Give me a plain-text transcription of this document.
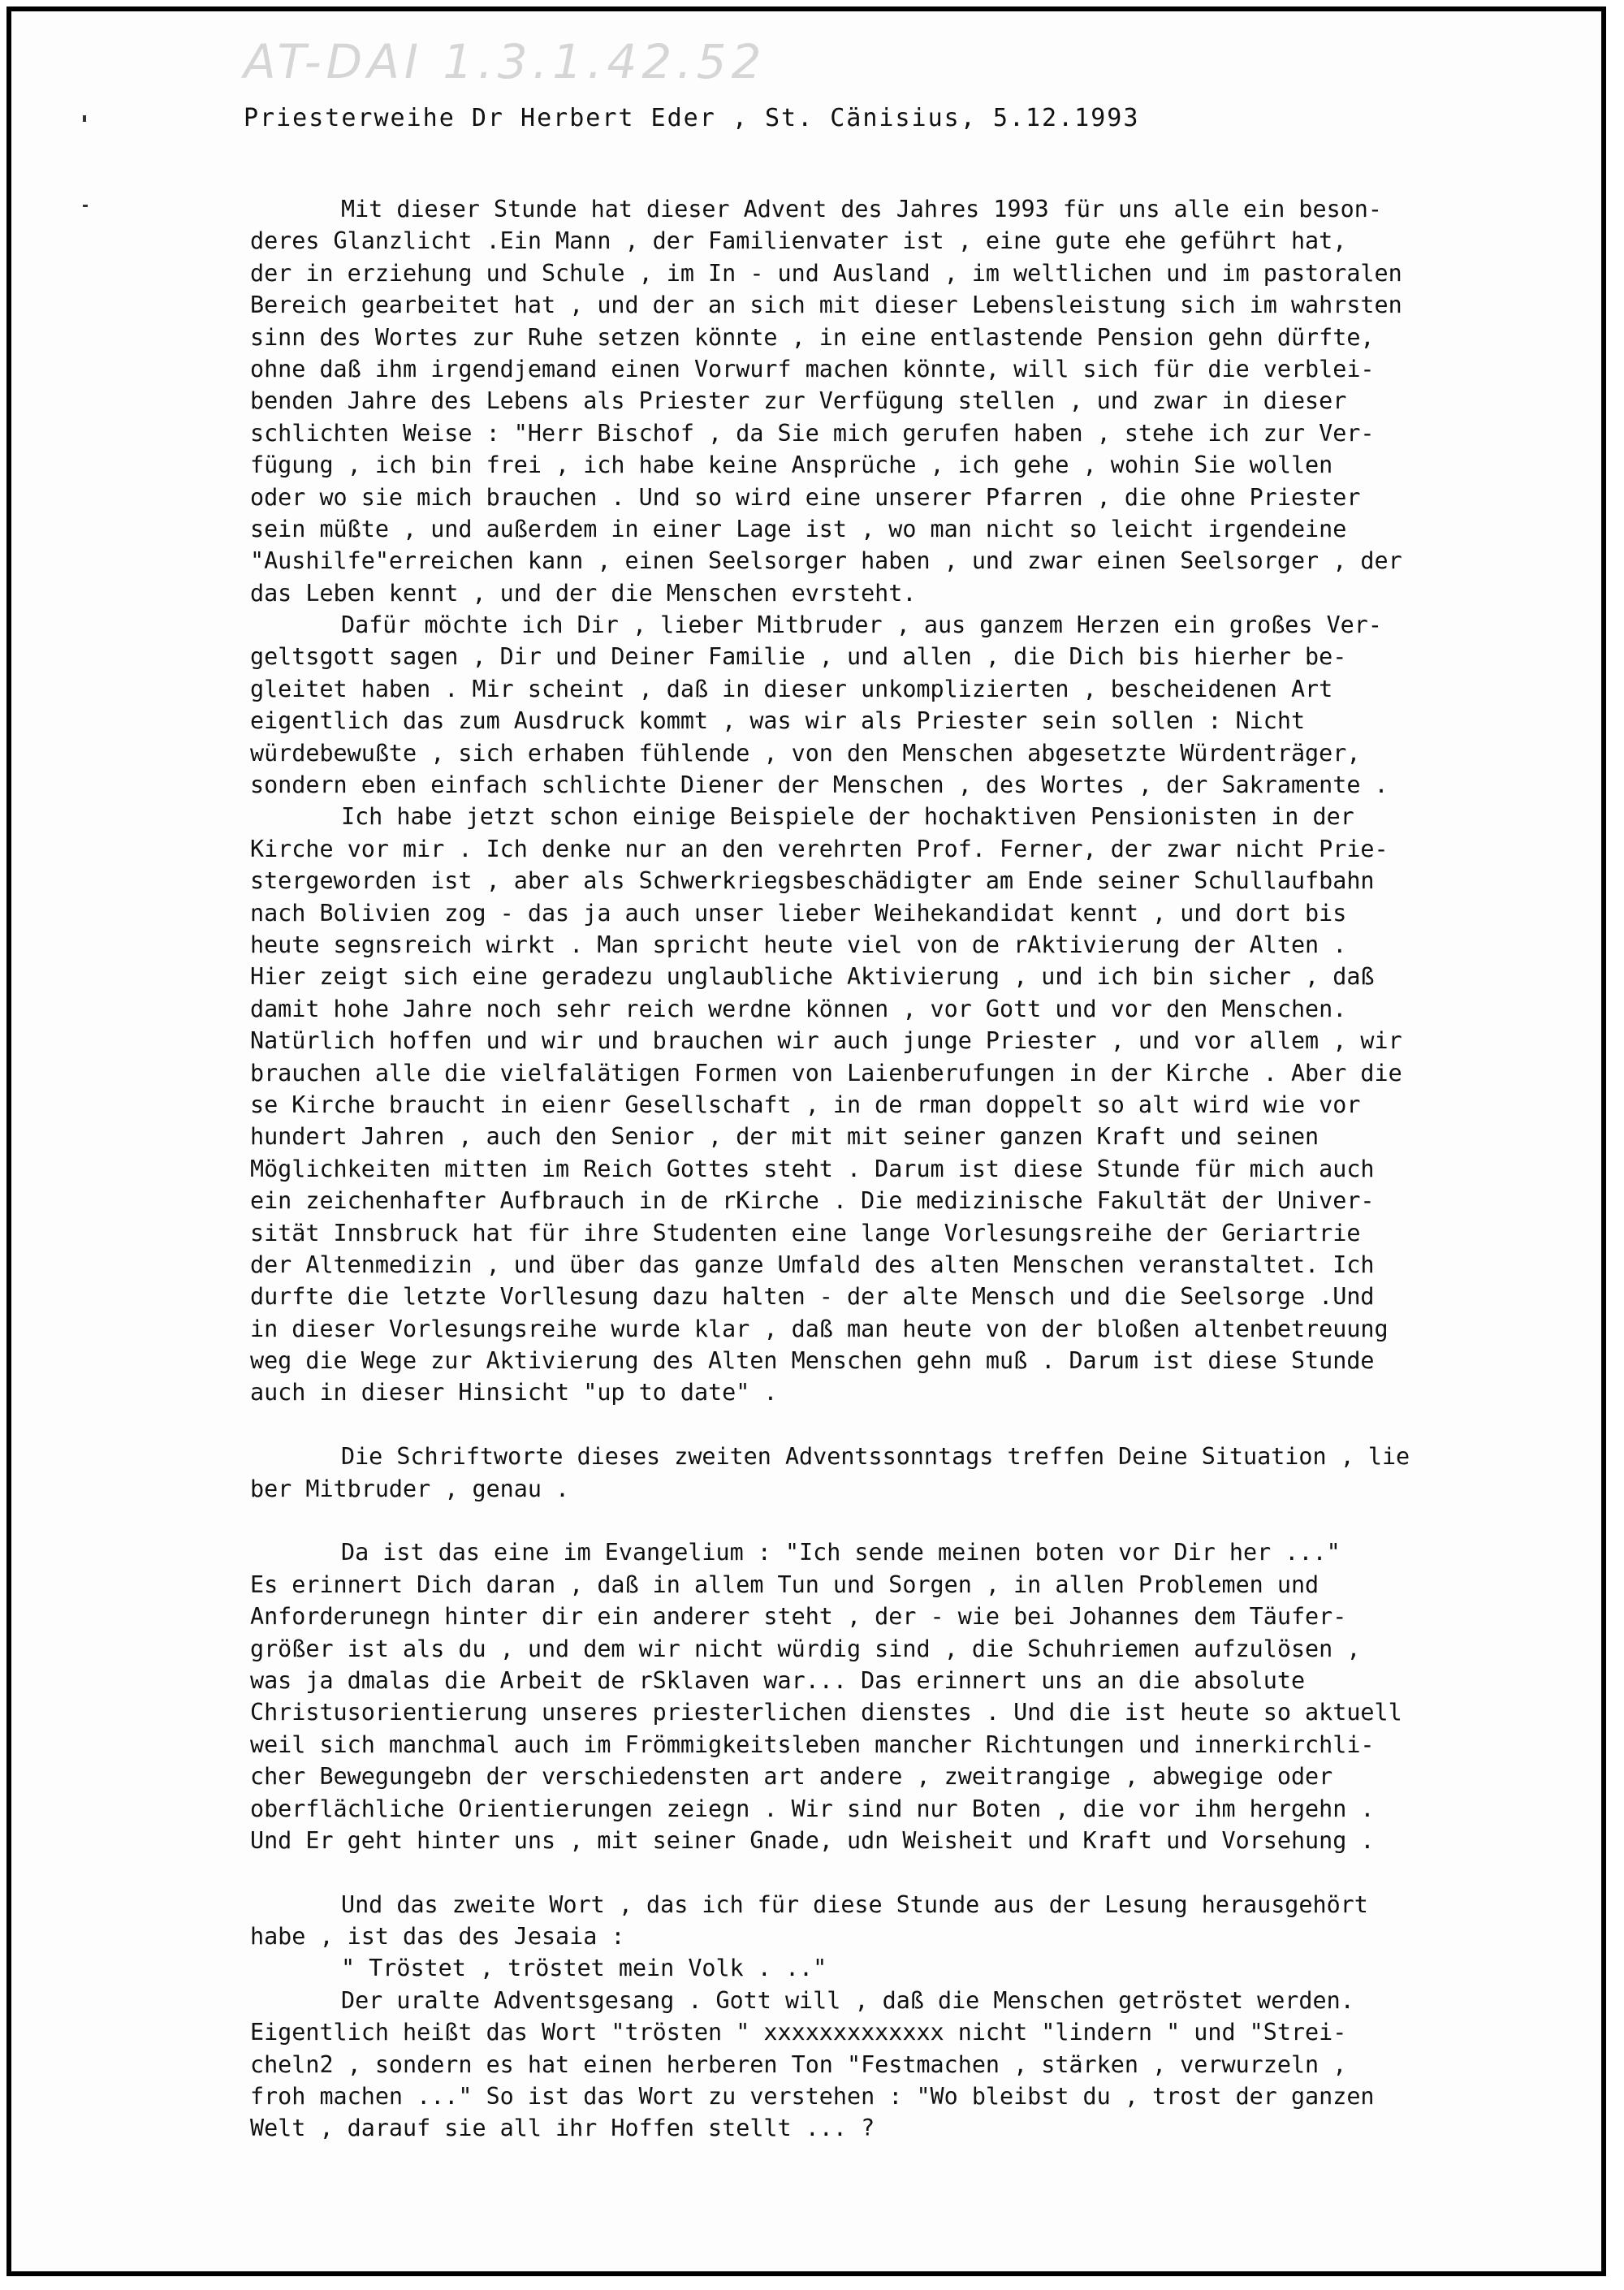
AT-DAI 1.3.1.42.52
Priesterweihe Dr Herbert Eder , St. Cänisius, 5.12.1993
Mit dieser Stunde hat dieser Advent des Jahres 1993 für uns alle ein beson-
deres Glanzlicht .Ein Mann , der Familienvater ist , eine gute ehe geführt hat,
der in erziehung und Schule , im In - und Ausland , im weltlichen und im pastoralen
Bereich gearbeitet hat , und der an sich mit dieser Lebensleistung sich im wahrsten
sinn des Wortes zur Ruhe setzen könnte , in eine entlastende Pension gehn dürfte,
ohne daß ihm irgendjemand einen Vorwurf machen könnte, will sich für die verblei-
benden Jahre des Lebens als Priester zur Verfügung stellen , und zwar in dieser
schlichten Weise : "Herr Bischof , da Sie mich gerufen haben , stehe ich zur Ver-
fügung , ich bin frei , ich habe keine Ansprüche , ich gehe , wohin Sie wollen
oder wo sie mich brauchen . Und so wird eine unserer Pfarren , die ohne Priester
sein müßte , und außerdem in einer Lage ist , wo man nicht so leicht irgendeine
"Aushilfe"erreichen kann , einen Seelsorger haben , und zwar einen Seelsorger , der
das Leben kennt , und der die Menschen evrsteht.
Dafür möchte ich Dir , lieber Mitbruder , aus ganzem Herzen ein großes Ver-
geltsgott sagen , Dir und Deiner Familie , und allen , die Dich bis hierher be-
gleitet haben . Mir scheint , daß in dieser unkomplizierten , bescheidenen Art
eigentlich das zum Ausdruck kommt , was wir als Priester sein sollen : Nicht
würdebewußte , sich erhaben fühlende , von den Menschen abgesetzte Würdenträger,
sondern eben einfach schlichte Diener der Menschen , des Wortes , der Sakramente .
Ich habe jetzt schon einige Beispiele der hochaktiven Pensionisten in der
Kirche vor mir . Ich denke nur an den verehrten Prof. Ferner, der zwar nicht Prie-
stergeworden ist , aber als Schwerkriegsbeschädigter am Ende seiner Schullaufbahn
nach Bolivien zog - das ja auch unser lieber Weihekandidat kennt , und dort bis
heute segnsreich wirkt . Man spricht heute viel von de rAktivierung der Alten .
Hier zeigt sich eine geradezu unglaubliche Aktivierung , und ich bin sicher , daß
damit hohe Jahre noch sehr reich werdne können , vor Gott und vor den Menschen.
Natürlich hoffen und wir und brauchen wir auch junge Priester , und vor allem , wir
brauchen alle die vielfalätigen Formen von Laienberufungen in der Kirche . Aber die
se Kirche braucht in eienr Gesellschaft , in de rman doppelt so alt wird wie vor
hundert Jahren , auch den Senior , der mit mit seiner ganzen Kraft und seinen
Möglichkeiten mitten im Reich Gottes steht . Darum ist diese Stunde für mich auch
ein zeichenhafter Aufbrauch in de rKirche . Die medizinische Fakultät der Univer-
sität Innsbruck hat für ihre Studenten eine lange Vorlesungsreihe der Geriartrie
der Altenmedizin , und über das ganze Umfald des alten Menschen veranstaltet. Ich
durfte die letzte Vorllesung dazu halten - der alte Mensch und die Seelsorge .Und
in dieser Vorlesungsreihe wurde klar , daß man heute von der bloßen altenbetreuung
weg die Wege zur Aktivierung des Alten Menschen gehn muß . Darum ist diese Stunde
auch in dieser Hinsicht "up to date" .
Die Schriftworte dieses zweiten Adventssonntags treffen Deine Situation , lie
ber Mitbruder , genau .
Da ist das eine im Evangelium : "Ich sende meinen boten vor Dir her ..."
Es erinnert Dich daran , daß in allem Tun und Sorgen , in allen Problemen und
Anforderunegn hinter dir ein anderer steht , der - wie bei Johannes dem Täufer-
größer ist als du , und dem wir nicht würdig sind , die Schuhriemen aufzulösen ,
was ja dmalas die Arbeit de rSklaven war... Das erinnert uns an die absolute
Christusorientierung unseres priesterlichen dienstes . Und die ist heute so aktuell
weil sich manchmal auch im Frömmigkeitsleben mancher Richtungen und innerkirchli-
cher Bewegungebn der verschiedensten art andere , zweitrangige , abwegige oder
oberflächliche Orientierungen zeiegn . Wir sind nur Boten , die vor ihm hergehn .
Und Er geht hinter uns , mit seiner Gnade, udn Weisheit und Kraft und Vorsehung .
Und das zweite Wort , das ich für diese Stunde aus der Lesung herausgehört
habe , ist das des Jesaia :
" Tröstet , tröstet mein Volk . .."
Der uralte Adventsgesang . Gott will , daß die Menschen getröstet werden.
Eigentlich heißt das Wort "trösten " xxxxxxxxxxxxx nicht "lindern " und "Strei-
cheln2 , sondern es hat einen herberen Ton "Festmachen , stärken , verwurzeln ,
froh machen ..." So ist das Wort zu verstehen : "Wo bleibst du , trost der ganzen
Welt , darauf sie all ihr Hoffen stellt ... ?
